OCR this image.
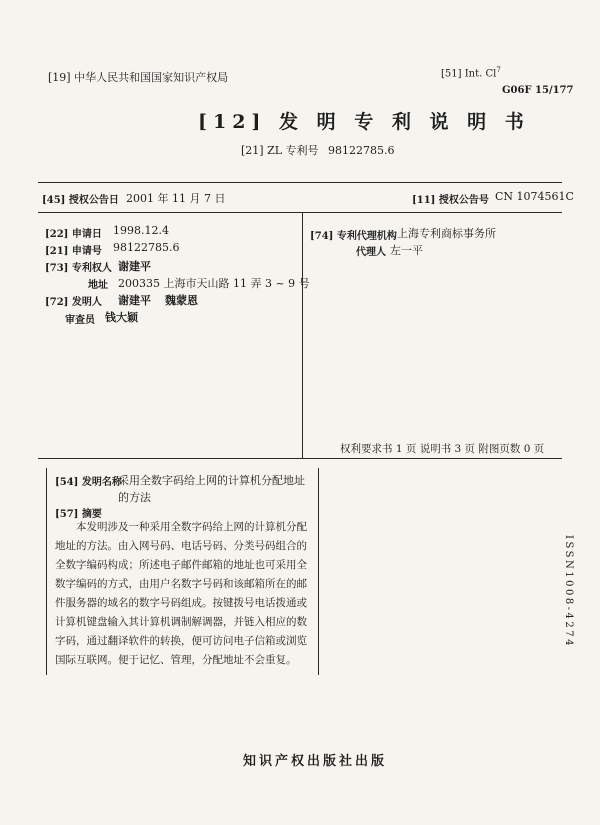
[19] 中华人民共和国国家知识产权局	[51] Int. Cl$^7$
G06F 15/177
[12] 发 明 专 利 说 明 书
[21] ZL 专利号 98122785.6
[45] 授权公告日 2001 年 11 月 7 日	[11] 授权公告号 CN 1074561C
[22] 申请日 1998.12.4
[21] 申请号 98122785.6
[73] 专利权人 谢建平
地址 200335 上海市天山路 11 弄 3 ~ 9 号
[72] 发明人 谢建平 魏蒙恩
审查员 钱大颖
[74] 专利代理机构 上海专利商标事务所
代理人 左一平
权利要求书 1 页 说明书 3 页 附图页数 0 页
[54] 发明名称
采用全数字码给上网的计算机分配地址
的方法
[57] 摘要

本发明涉及一种采用全数字码给上网的计算机分配地址的方法。由入网号码、电话号码、分类号码组合的全数字编码构成；所述电子邮件邮箱的地址也可采用全数字编码的方式，由用户名数字号码和该邮箱所在的邮件服务器的域名的数字号码组成。按键拨号电话拨通或计算机键盘输入其计算机调制解调器，并链入相应的数字码，通过翻译软件的转换，便可访问电子信箱或浏览国际互联网。便于记忆、管理，分配地址不会重复。

ISSN1008-4274
知识产权出版社出版
